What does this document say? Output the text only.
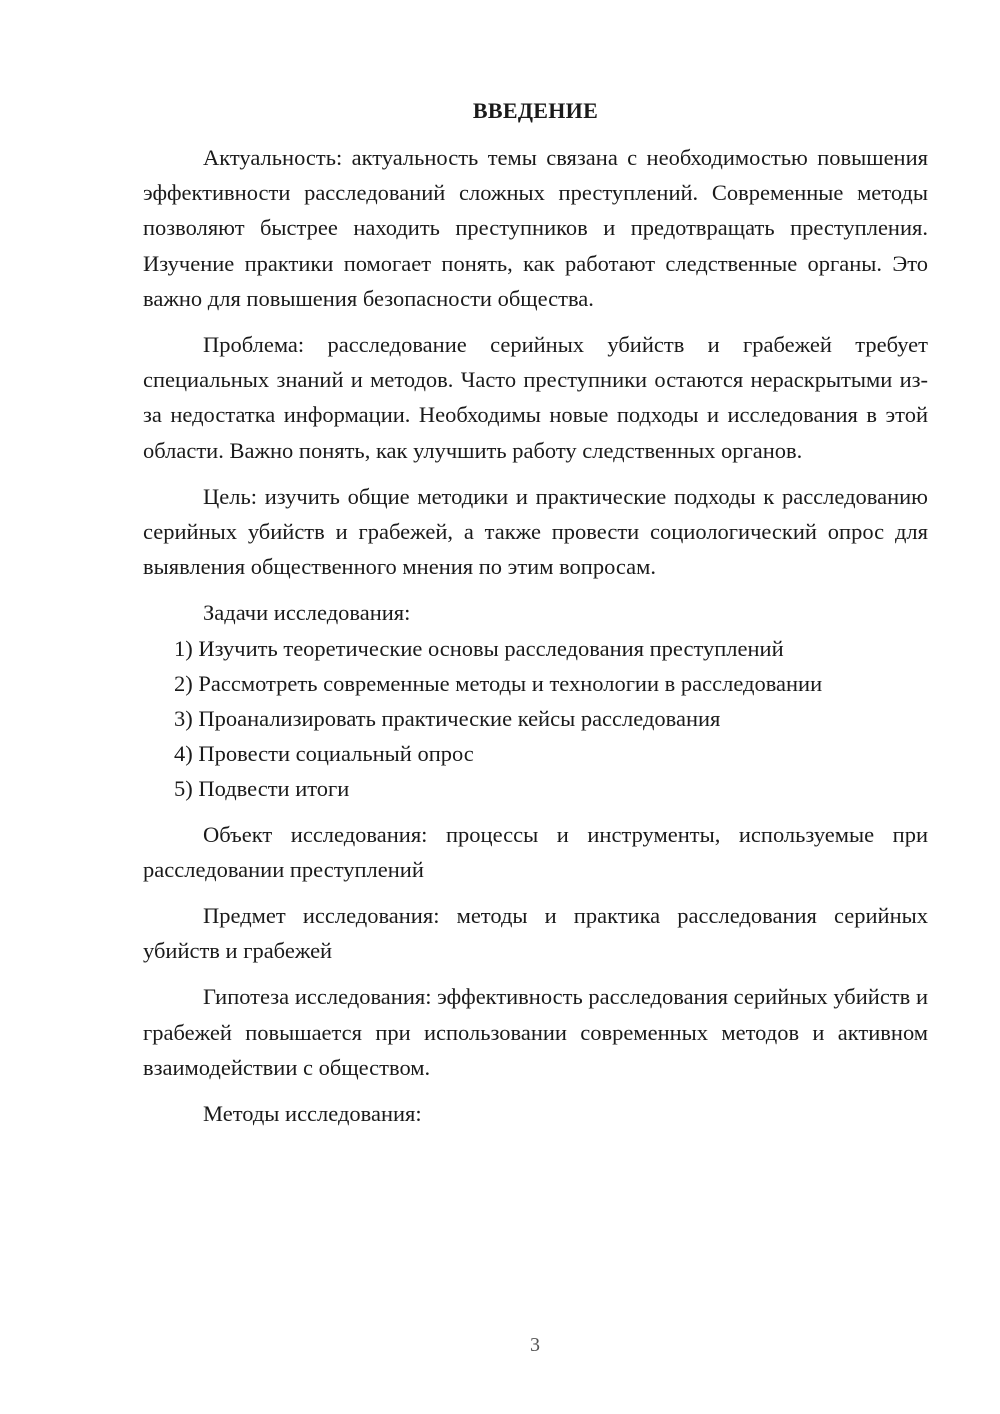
ВВЕДЕНИЕ

Актуальность: актуальность темы связана с необходимостью повышения эффективности расследований сложных преступлений. Современные методы позволяют быстрее находить преступников и предотвращать преступления. Изучение практики помогает понять, как работают следственные органы. Это важно для повышения безопасности общества.

Проблема: расследование серийных убийств и грабежей требует специальных знаний и методов. Часто преступники остаются нераскрытыми из-за недостатка информации. Необходимы новые подходы и исследования в этой области. Важно понять, как улучшить работу следственных органов.

Цель: изучить общие методики и практические подходы к расследованию серийных убийств и грабежей, а также провести социологический опрос для выявления общественного мнения по этим вопросам.

Задачи исследования:

1) Изучить теоретические основы расследования преступлений

2) Рассмотреть современные методы и технологии в расследовании

3) Проанализировать практические кейсы расследования

4) Провести социальный опрос

5) Подвести итоги

Объект исследования: процессы и инструменты, используемые при расследовании преступлений

Предмет исследования: методы и практика расследования серийных убийств и грабежей

Гипотеза исследования: эффективность расследования серийных убийств и грабежей повышается при использовании современных методов и активном взаимодействии с обществом.

Методы исследования:

3
